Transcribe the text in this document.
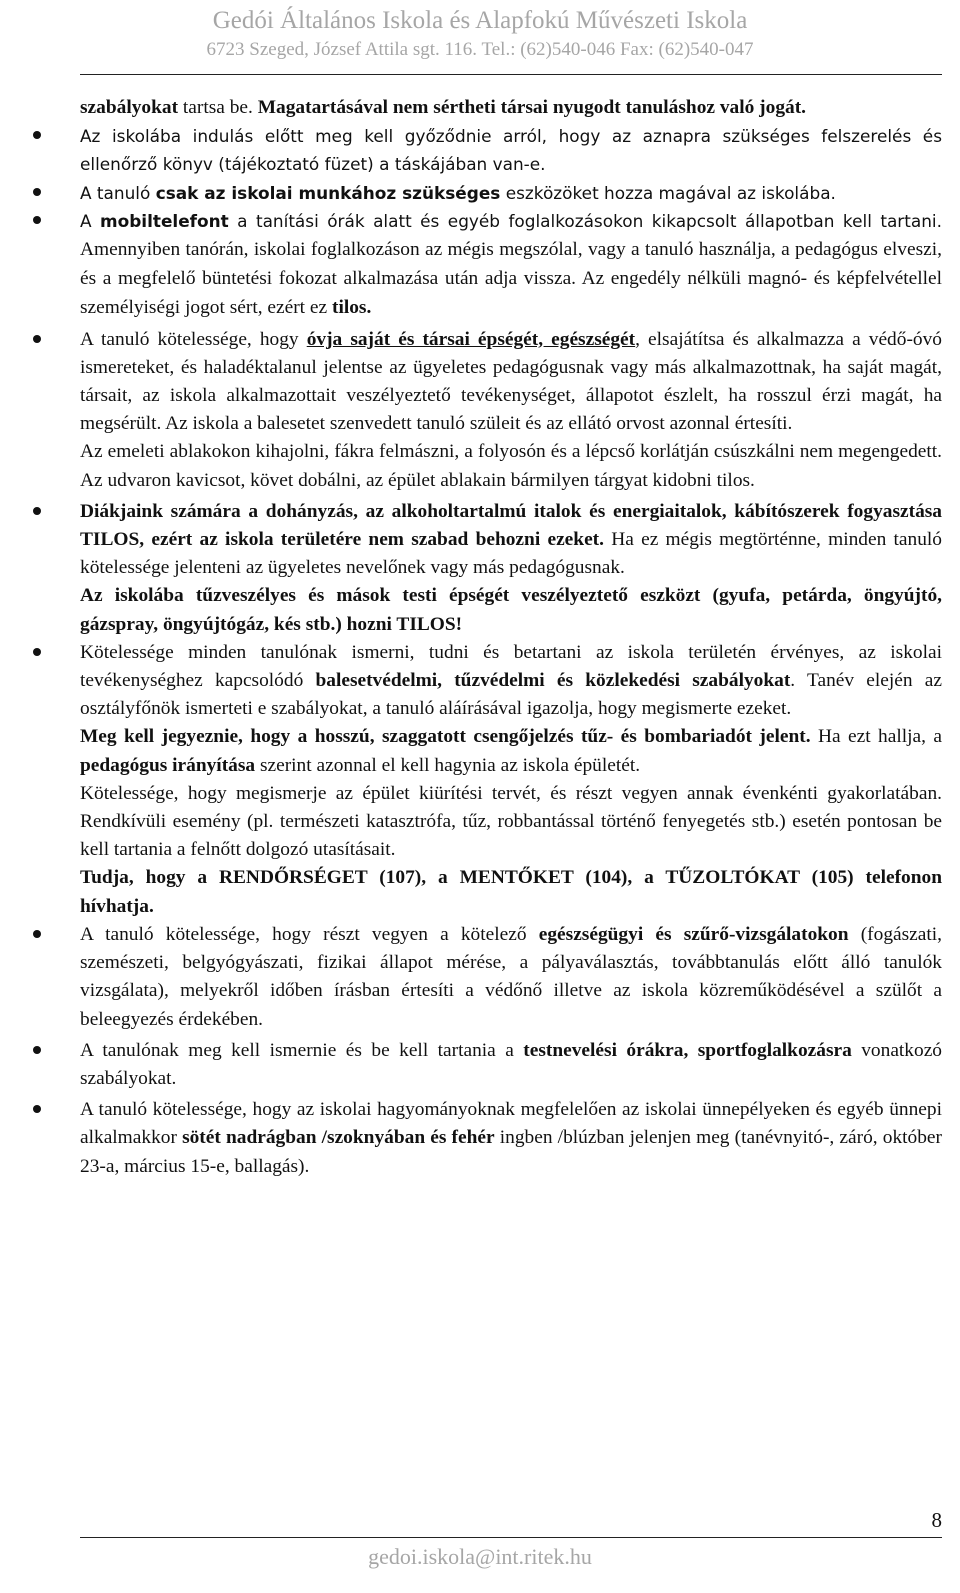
Gedói Általános Iskola és Alapfokú Művészeti Iskola
6723 Szeged, József Attila sgt. 116. Tel.: (62)540-046 Fax: (62)540-047

szabályokat tartsa be. Magatartásával nem sértheti társai nyugodt tanuláshoz való jogát.

Az iskolába indulás előtt meg kell győződnie arról, hogy az aznapra szükséges felszerelés és ellenőrző könyv (tájékoztató füzet) a táskájában van-e.
A tanuló csak az iskolai munkához szükséges eszközöket hozza magával az iskolába.
A mobiltelefont a tanítási órák alatt és egyéb foglalkozásokon kikapcsolt állapotban kell tartani. Amennyiben tanórán, iskolai foglalkozáson az mégis megszólal, vagy a tanuló használja, a pedagógus elveszi, és a megfelelő büntetési fokozat alkalmazása után adja vissza. Az engedély nélküli magnó- és képfelvétellel személyiségi jogot sért, ezért ez tilos.
A tanuló kötelessége, hogy óvja saját és társai épségét, egészségét, elsajátítsa és alkalmazza a védő-óvó ismereteket, és haladéktalanul jelentse az ügyeletes pedagógusnak vagy más alkalmazottnak, ha saját magát, társait, az iskola alkalmazottait veszélyeztető tevékenységet, állapotot észlelt, ha rosszul érzi magát, ha megsérült. Az iskola a balesetet szenvedett tanuló szüleit és az ellátó orvost azonnal értesíti.

Az emeleti ablakokon kihajolni, fákra felmászni, a folyosón és a lépcső korlátján csúszkálni nem megengedett. Az udvaron kavicsot, követ dobálni, az épület ablakain bármilyen tárgyat kidobni tilos.

Diákjaink számára a dohányzás, az alkoholtartalmú italok és energiaitalok, kábítószerek fogyasztása TILOS, ezért az iskola területére nem szabad behozni ezeket. Ha ez mégis megtörténne, minden tanuló kötelessége jelenteni az ügyeletes nevelőnek vagy más pedagógusnak.

Az iskolába tűzveszélyes és mások testi épségét veszélyeztető eszközt (gyufa, petárda, öngyújtó, gázspray, öngyújtógáz, kés stb.) hozni TILOS!

Kötelessége minden tanulónak ismerni, tudni és betartani az iskola területén érvényes, az iskolai tevékenységhez kapcsolódó balesetvédelmi, tűzvédelmi és közlekedési szabályokat. Tanév elején az osztályfőnök ismerteti e szabályokat, a tanuló aláírásával igazolja, hogy megismerte ezeket.

Meg kell jegyeznie, hogy a hosszú, szaggatott csengőjelzés tűz- és bombariadót jelent. Ha ezt hallja, a pedagógus irányítása szerint azonnal el kell hagynia az iskola épületét.

Kötelessége, hogy megismerje az épület kiürítési tervét, és részt vegyen annak évenkénti gyakorlatában. Rendkívüli esemény (pl. természeti katasztrófa, tűz, robbantással történő fenyegetés stb.) esetén pontosan be kell tartania a felnőtt dolgozó utasításait.

Tudja, hogy a RENDŐRSÉGET (107), a MENTŐKET (104), a TŰZOLTÓKAT (105) telefonon hívhatja.

A tanuló kötelessége, hogy részt vegyen a kötelező egészségügyi és szűrő-vizsgálatokon (fogászati, szemészeti, belgyógyászati, fizikai állapot mérése, a pályaválasztás, továbbtanulás előtt álló tanulók vizsgálata), melyekről időben írásban értesíti a védőnő illetve az iskola közreműködésével a szülőt a beleegyezés érdekében.
A tanulónak meg kell ismernie és be kell tartania a testnevelési órákra, sportfoglalkozásra vonatkozó szabályokat.
A tanuló kötelessége, hogy az iskolai hagyományoknak megfelelően az iskolai ünnepélyeken és egyéb ünnepi alkalmakkor sötét nadrágban /szoknyában és fehér ingben /blúzban jelenjen meg (tanévnyitó-, záró, október 23-a, március 15-e, ballagás).
8
gedoi.iskola@int.ritek.hu
